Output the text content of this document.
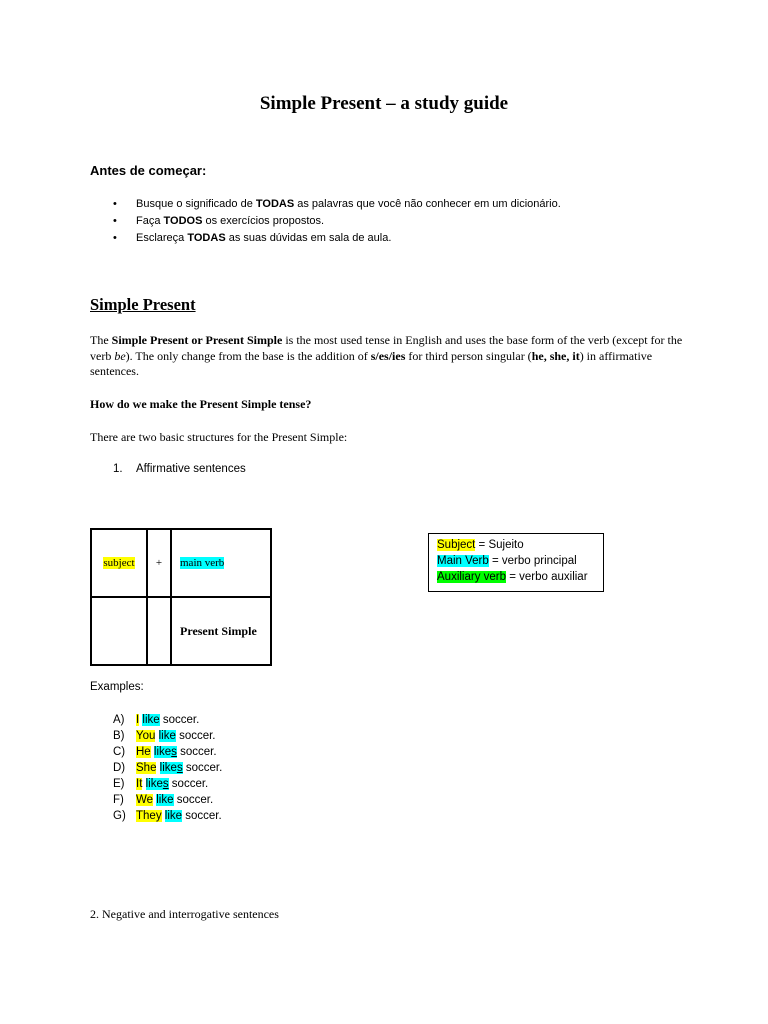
Simple Present – a study guide
Antes de começar:
• Busque o significado de TODAS as palavras que você não conhecer em um dicionário.
• Faça TODOS os exercícios propostos.
• Esclareça TODAS as suas dúvidas em sala de aula.
Simple Present
The Simple Present or Present Simple is the most used tense in English and uses the base form of the verb (except for the verb be). The only change from the base is the addition of s/es/ies for third person singular (he, she, it) in affirmative sentences.
How do we make the Present Simple tense?
There are two basic structures for the Present Simple:
1. Affirmative sentences
subject	+	main verb
		Present Simple
Subject = Sujeito
Main Verb = verbo principal
Auxiliary verb = verbo auxiliar
Examples:
A) I like soccer.
B) You like soccer.
C) He likes soccer.
D) She likes soccer.
E) It likes soccer.
F) We like soccer.
G) They like soccer.
2. Negative and interrogative sentences
